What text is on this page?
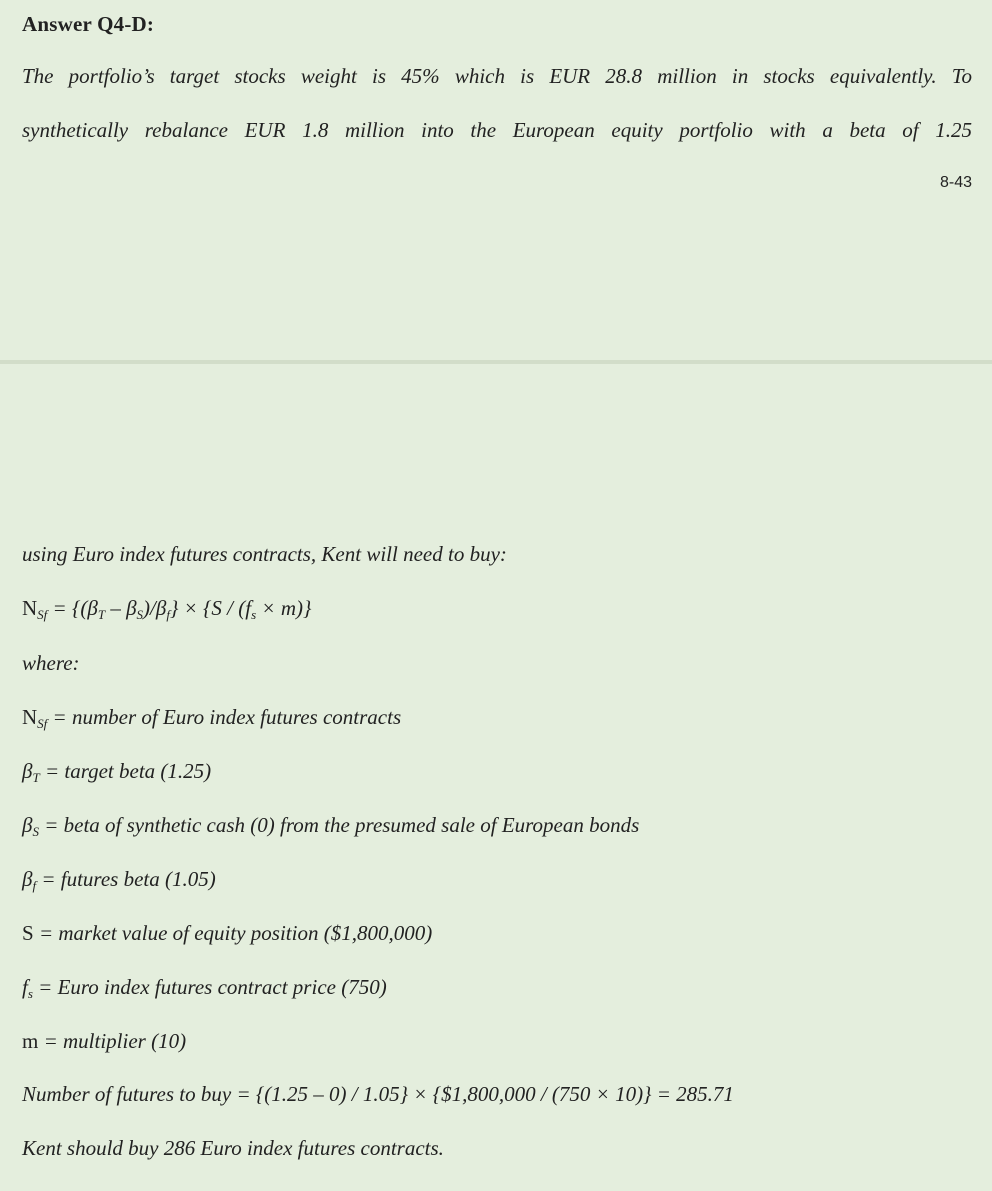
Answer Q4-D:
The portfolio’s target stocks weight is 45% which is EUR 28.8 million in stocks equivalently. To
synthetically rebalance EUR 1.8 million into the European equity portfolio with a beta of 1.25
8-43
using Euro index futures contracts, Kent will need to buy:
$N_{Sf} = \{(\beta_T - \beta_S)/\beta_f\} \times \{S / (f_s \times m)\}$
where:
$N_{Sf}$ = number of Euro index futures contracts
$\beta_T$ = target beta (1.25)
$\beta_S$ = beta of synthetic cash (0) from the presumed sale of European bonds
$\beta_f$ = futures beta (1.05)
S = market value of equity position ($1,800,000)
$f_s$ = Euro index futures contract price (750)
m = multiplier (10)
Number of futures to buy = {(1.25 – 0) / 1.05} × {$1,800,000 / (750 × 10)} = 285.71
Kent should buy 286 Euro index futures contracts.
